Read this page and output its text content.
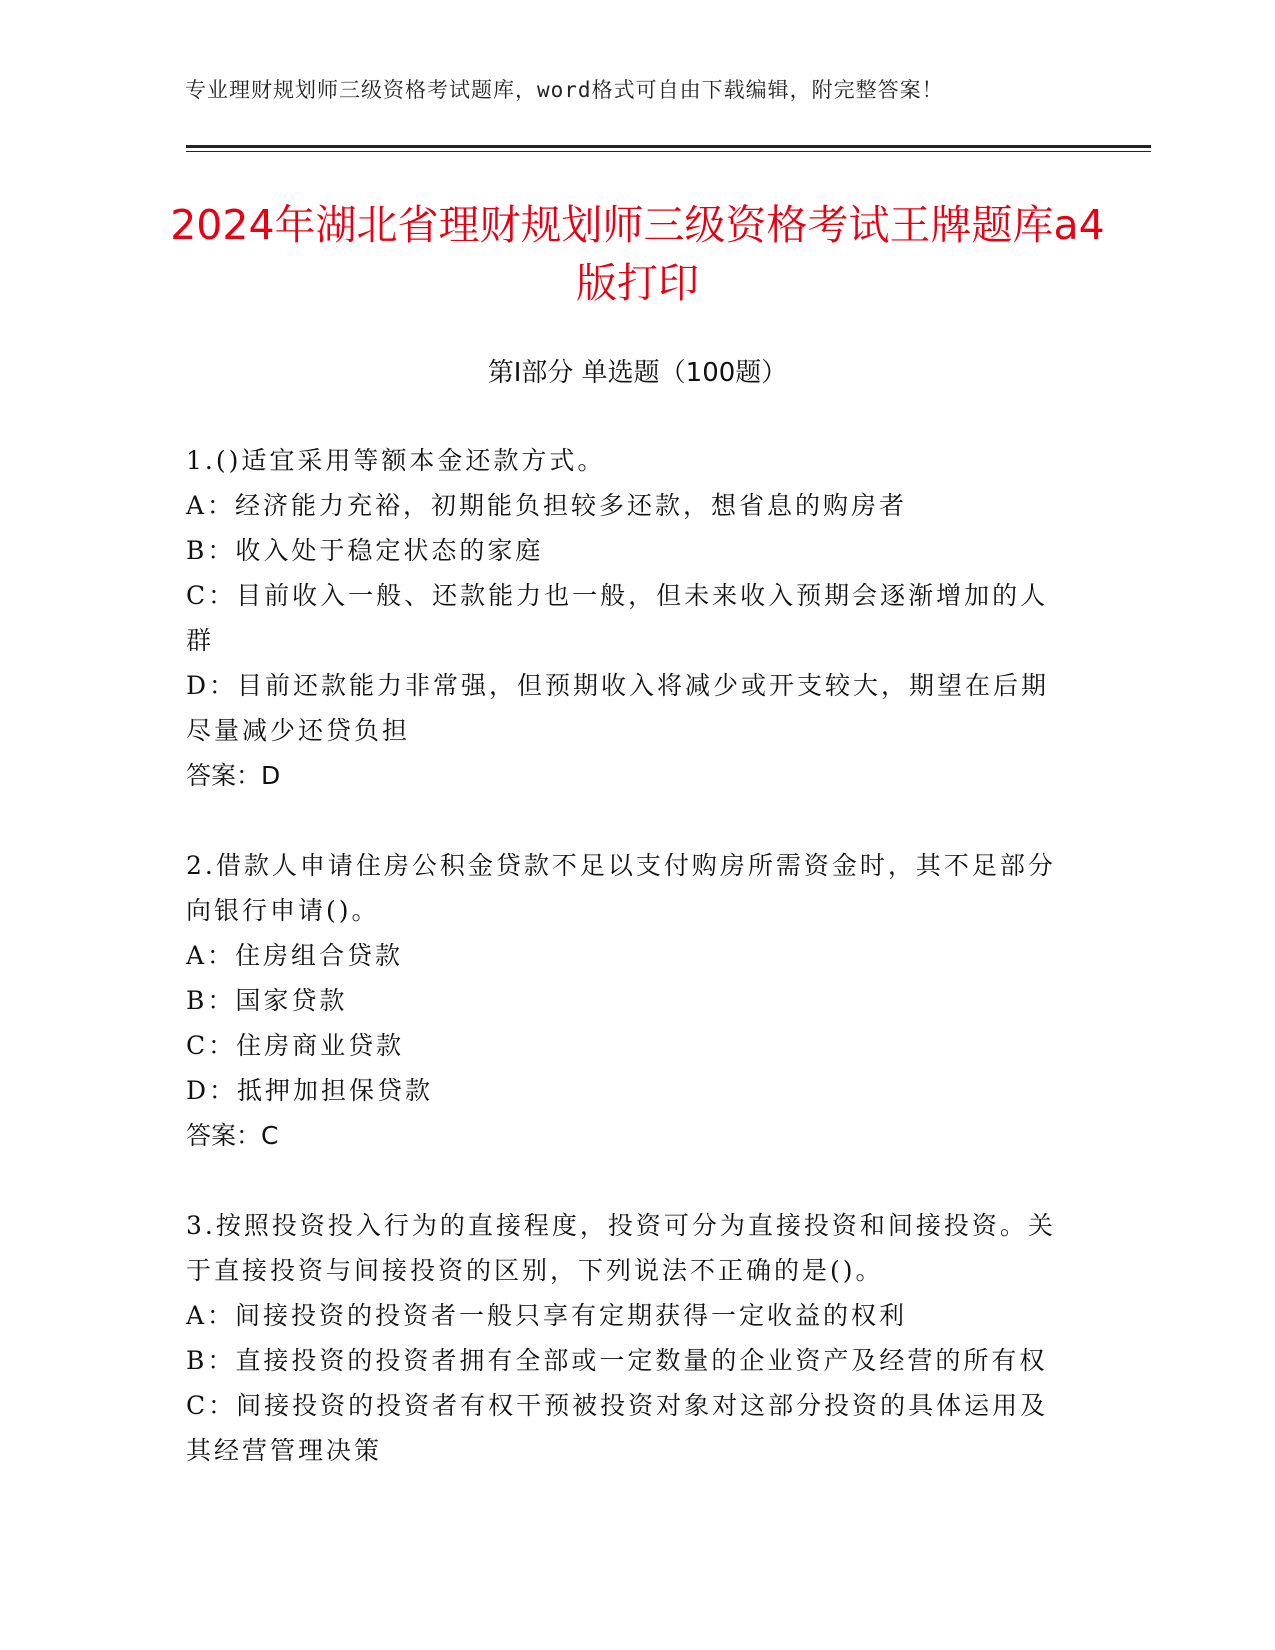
专业理财规划师三级资格考试题库，word格式可自由下载编辑，附完整答案！
2024年湖北省理财规划师三级资格考试王牌题库a4版打印
第Ⅰ部分 单选题（100题）
1.()适宜采用等额本金还款方式。
A：经济能力充裕，初期能负担较多还款，想省息的购房者
B：收入处于稳定状态的家庭
C：目前收入一般、还款能力也一般，但未来收入预期会逐渐增加的人群
D：目前还款能力非常强，但预期收入将减少或开支较大，期望在后期尽量减少还贷负担
答案：D
2.借款人申请住房公积金贷款不足以支付购房所需资金时，其不足部分向银行申请()。
A：住房组合贷款
B：国家贷款
C：住房商业贷款
D：抵押加担保贷款
答案：C
3.按照投资投入行为的直接程度，投资可分为直接投资和间接投资。关于直接投资与间接投资的区别，下列说法不正确的是()。
A：间接投资的投资者一般只享有定期获得一定收益的权利
B：直接投资的投资者拥有全部或一定数量的企业资产及经营的所有权
C：间接投资的投资者有权干预被投资对象对这部分投资的具体运用及其经营管理决策
